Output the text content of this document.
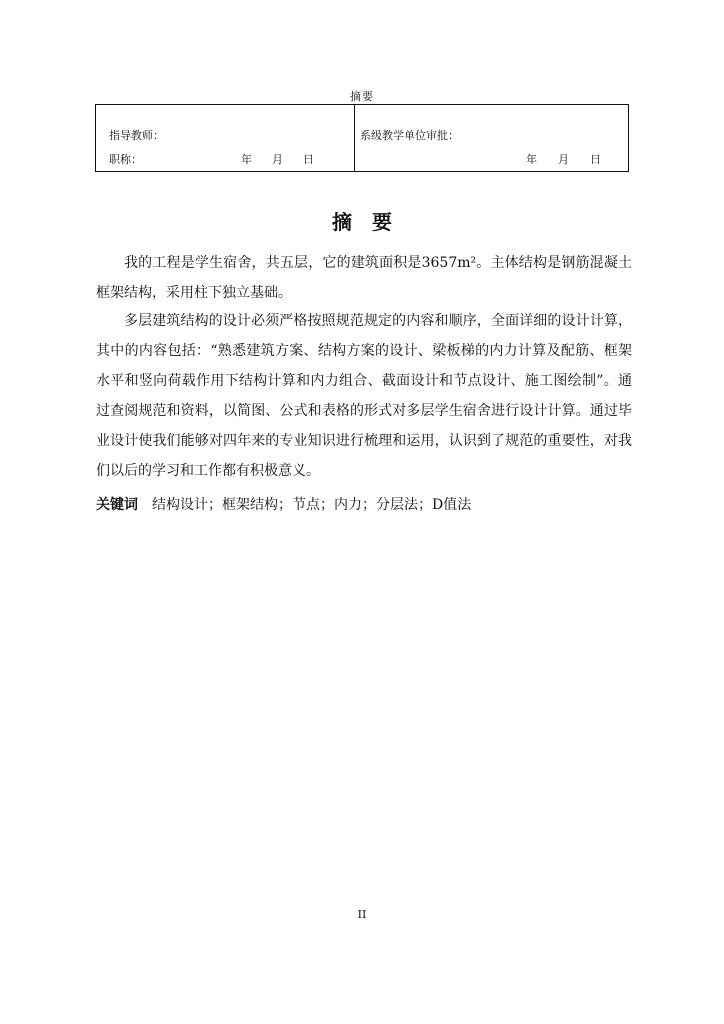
摘要
指导教师：
职称：	年 月 日
系级教学单位审批：
年 月 日
摘 要

我的工程是学生宿舍，共五层，它的建筑面积是3657m²。主体结构是钢筋混凝土框架结构，采用柱下独立基础。

多层建筑结构的设计必须严格按照规范规定的内容和顺序，全面详细的设计计算，其中的内容包括：“熟悉建筑方案、结构方案的设计、梁板梯的内力计算及配筋、框架水平和竖向荷载作用下结构计算和内力组合、截面设计和节点设计、施工图绘制”。通过查阅规范和资料，以简图、公式和表格的形式对多层学生宿舍进行设计计算。通过毕业设计使我们能够对四年来的专业知识进行梳理和运用，认识到了规范的重要性，对我们以后的学习和工作都有积极意义。

关键词 结构设计；框架结构；节点；内力；分层法；D值法
II
